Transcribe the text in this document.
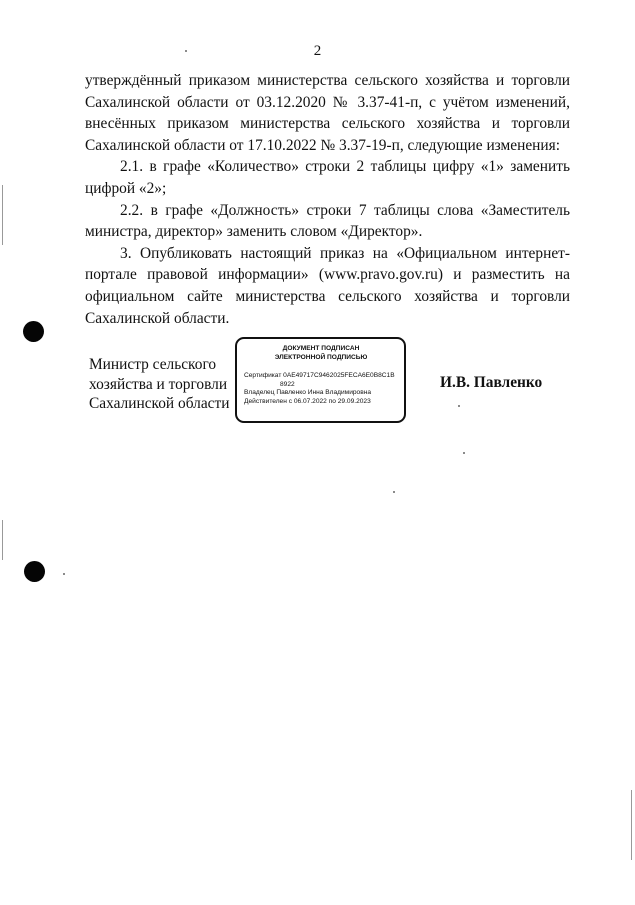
2

утверждённый приказом министерства сельского хозяйства и торговли Сахалинской области от 03.12.2020 № 3.37-41-п, с учётом изменений, внесённых приказом министерства сельского хозяйства и торговли Сахалинской области от 17.10.2022 № 3.37-19-п, следующие изменения:

2.1. в графе «Количество» строки 2 таблицы цифру «1» заменить цифрой «2»;

2.2. в графе «Должность» строки 7 таблицы слова «Заместитель министра, директор» заменить словом «Директор».

3. Опубликовать настоящий приказ на «Официальном интернет-портале правовой информации» (www.pravo.gov.ru) и разместить на официальном сайте министерства сельского хозяйства и торговли Сахалинской области.

Министр сельского
хозяйства и торговли
Сахалинской области
ДОКУМЕНТ ПОДПИСАН
ЭЛЕКТРОННОЙ ПОДПИСЬЮ
Сертификат 0AE49717C9462025FECA6E0B8C1B
8922
Владелец Павленко Инна Владимировна
Действителен с 06.07.2022 по 29.09.2023
И.В. Павленко
